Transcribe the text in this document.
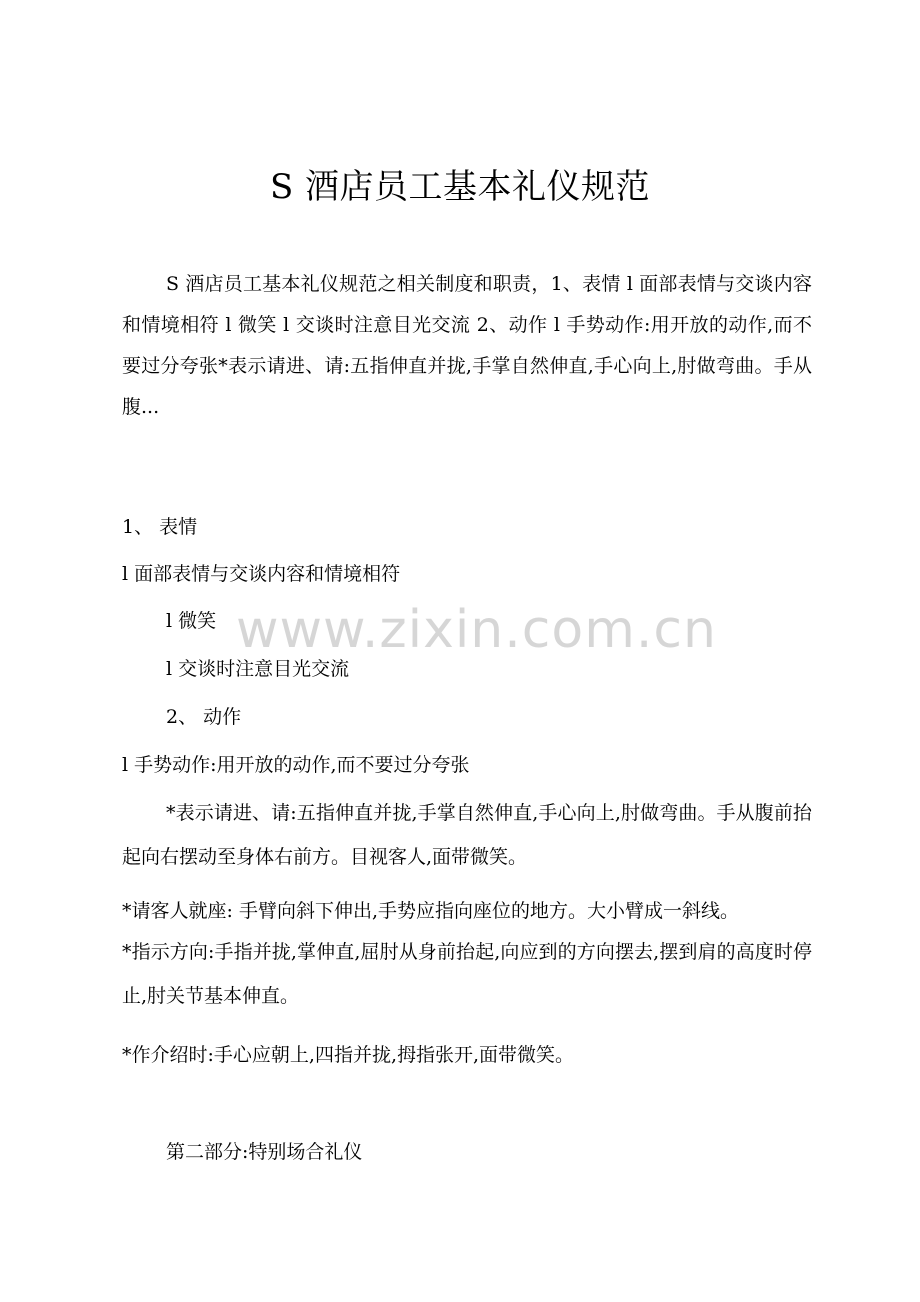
S 酒店员工基本礼仪规范
S 酒店员工基本礼仪规范之相关制度和职责，1、表情 l 面部表情与交谈内容和情境相符 l 微笑 l 交谈时注意目光交流 2、动作 l 手势动作:用开放的动作,而不要过分夸张*表示请进、请:五指伸直并拢,手掌自然伸直,手心向上,肘做弯曲。手从腹...
1、 表情
l 面部表情与交谈内容和情境相符
l 微笑
l 交谈时注意目光交流
2、 动作
l 手势动作:用开放的动作,而不要过分夸张
*表示请进、请:五指伸直并拢,手掌自然伸直,手心向上,肘做弯曲。手从腹前抬起向右摆动至身体右前方。目视客人,面带微笑。
*请客人就座: 手臂向斜下伸出,手势应指向座位的地方。大小臂成一斜线。
*指示方向:手指并拢,掌伸直,屈肘从身前抬起,向应到的方向摆去,摆到肩的高度时停止,肘关节基本伸直。
*作介绍时:手心应朝上,四指并拢,拇指张开,面带微笑。
第二部分:特别场合礼仪
www.zixin.com.cn
